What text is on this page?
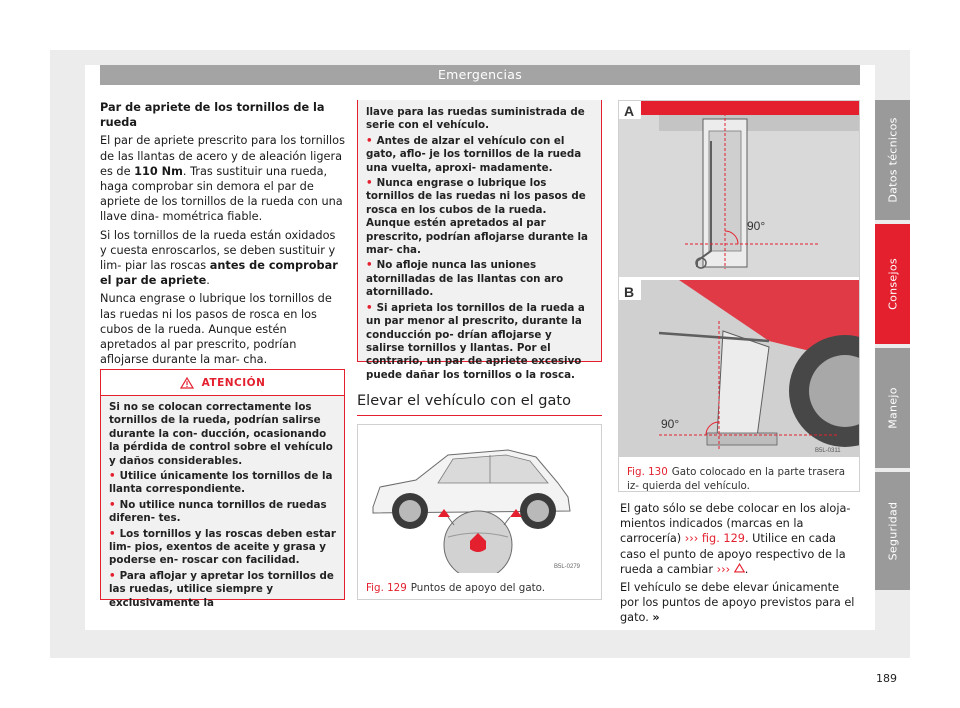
Emergencias
Datos técnicos
Consejos
Manejo
Seguridad

Par de apriete de los tornillos de la rueda

El par de apriete prescrito para los tornillos de las llantas de acero y de aleación ligera es de 110 Nm. Tras sustituir una rueda, haga comprobar sin demora el par de apriete de los tornillos de la rueda con una llave dina- mométrica fiable.

Si los tornillos de la rueda están oxidados y cuesta enroscarlos, se deben sustituir y lim- piar las roscas antes de comprobar el par de apriete.

Nunca engrase o lubrique los tornillos de las ruedas ni los pasos de rosca en los cubos de la rueda. Aunque estén apretados al par prescrito, podrían aflojarse durante la mar- cha.

ATENCIÓN

Si no se colocan correctamente los tornillos de la rueda, podrían salirse durante la con- ducción, ocasionando la pérdida de control sobre el vehículo y daños considerables.

• Utilice únicamente los tornillos de la llanta correspondiente.

• No utilice nunca tornillos de ruedas diferen- tes.

• Los tornillos y las roscas deben estar lim- pios, exentos de aceite y grasa y poderse en- roscar con facilidad.

• Para aflojar y apretar los tornillos de las ruedas, utilice siempre y exclusivamente la

llave para las ruedas suministrada de serie con el vehículo.

• Antes de alzar el vehículo con el gato, aflo- je los tornillos de la rueda una vuelta, aproxi- madamente.

• Nunca engrase o lubrique los tornillos de las ruedas ni los pasos de rosca en los cubos de la rueda. Aunque estén apretados al par prescrito, podrían aflojarse durante la mar- cha.

• No afloje nunca las uniones atornilladas de las llantas con aro atornillado.

• Si aprieta los tornillos de la rueda a un par menor al prescrito, durante la conducción po- drían aflojarse y salirse tornillos y llantas. Por el contrario, un par de apriete excesivo puede dañar los tornillos o la rosca.

Elevar el vehículo con el gato
B5L-0279
Fig. 129 Puntos de apoyo del gato.
A
90°
B
90°
B5L-0311
Fig. 130 Gato colocado en la parte trasera iz- quierda del vehículo.

El gato sólo se debe colocar en los aloja- mientos indicados (marcas en la carrocería) ››› fig. 129. Utilice en cada caso el punto de apoyo respectivo de la rueda a cambiar ››› .

El vehículo se debe elevar únicamente por los puntos de apoyo previstos para el gato. »

189
